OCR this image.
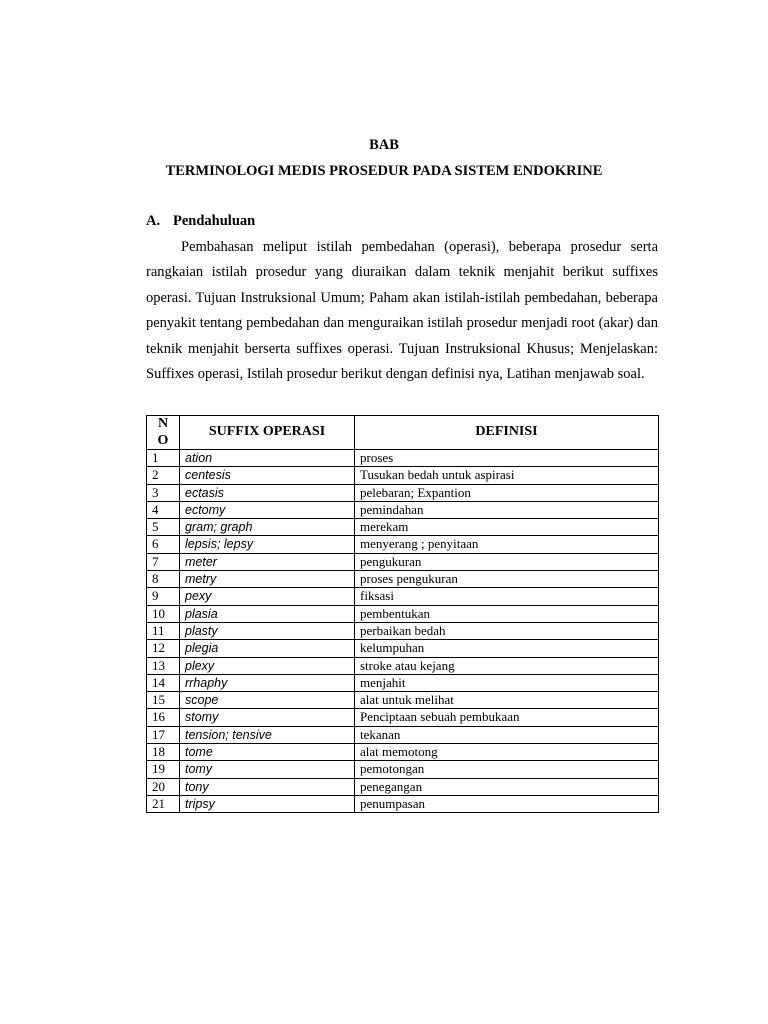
BAB
TERMINOLOGI MEDIS PROSEDUR PADA SISTEM ENDOKRINE
A. Pendahuluan

Pembahasan meliput istilah pembedahan (operasi), beberapa prosedur serta rangkaian istilah prosedur yang diuraikan dalam teknik menjahit berikut suffixes operasi. Tujuan Instruksional Umum; Paham akan istilah-istilah pembedahan, beberapa penyakit tentang pembedahan dan menguraikan istilah prosedur menjadi root (akar) dan teknik menjahit berserta suffixes operasi. Tujuan Instruksional Khusus; Menjelaskan: Suffixes operasi, Istilah prosedur berikut dengan definisi nya, Latihan menjawab soal.

N
O	SUFFIX OPERASI	DEFINISI
1	ation	proses
2	centesis	Tusukan bedah untuk aspirasi
3	ectasis	pelebaran; Expantion
4	ectomy	pemindahan
5	gram; graph	merekam
6	lepsis; lepsy	menyerang ; penyitaan
7	meter	pengukuran
8	metry	proses pengukuran
9	pexy	fiksasi
10	plasia	pembentukan
11	plasty	perbaikan bedah
12	plegia	kelumpuhan
13	plexy	stroke atau kejang
14	rrhaphy	menjahit
15	scope	alat untuk melihat
16	stomy	Penciptaan sebuah pembukaan
17	tension; tensive	tekanan
18	tome	alat memotong
19	tomy	pemotongan
20	tony	penegangan
21	tripsy	penumpasan
